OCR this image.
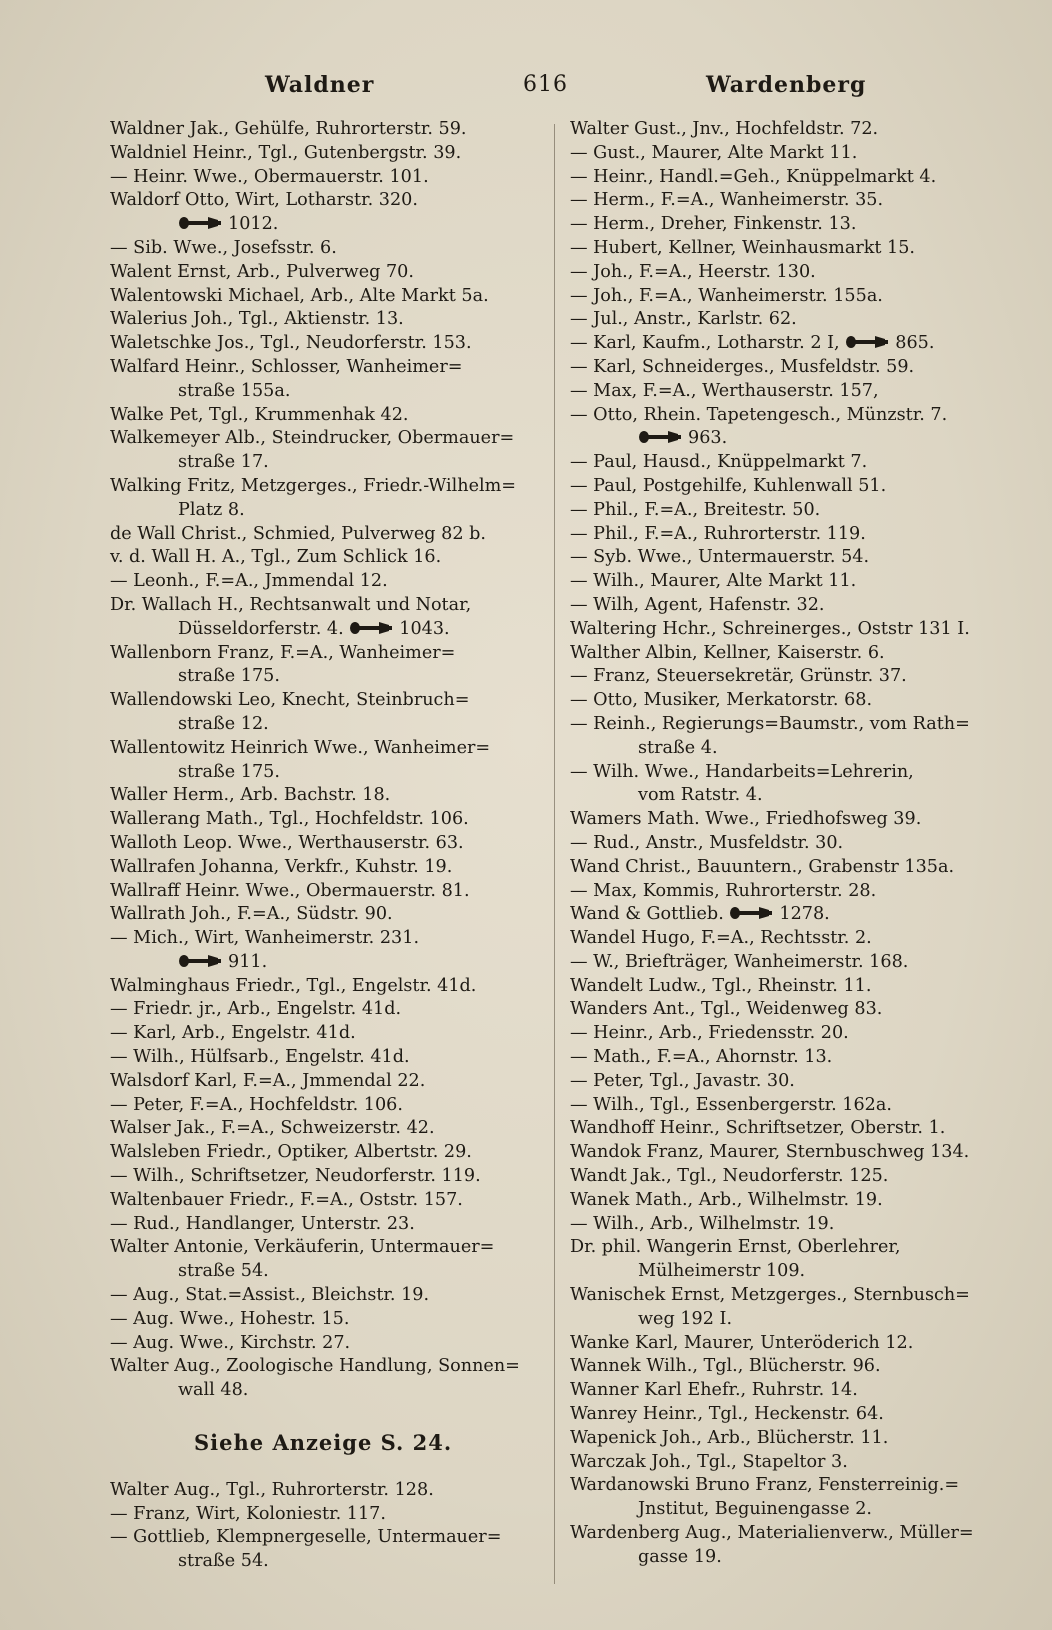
Waldner	616	Wardenberg
Waldner Jak., Gehülfe, Ruhrorterstr. 59.
Waldniel Heinr., Tgl., Gutenbergstr. 39.
— Heinr. Wwe., Obermauerstr. 101.
Waldorf Otto, Wirt, Lotharstr. 320.
1012.
— Sib. Wwe., Josefsstr. 6.
Walent Ernst, Arb., Pulverweg 70.
Walentowski Michael, Arb., Alte Markt 5a.
Walerius Joh., Tgl., Aktienstr. 13.
Waletschke Jos., Tgl., Neudorferstr. 153.
Walfard Heinr., Schlosser, Wanheimer=
straße 155a.
Walke Pet, Tgl., Krummenhak 42.
Walkemeyer Alb., Steindrucker, Obermauer=
straße 17.
Walking Fritz, Metzgerges., Friedr.-Wilhelm=
Platz 8.
de Wall Christ., Schmied, Pulverweg 82 b.
v. d. Wall H. A., Tgl., Zum Schlick 16.
— Leonh., F.=A., Jmmendal 12.
Dr. Wallach H., Rechtsanwalt und Notar,
Düsseldorferstr. 4.	1043.
Wallenborn Franz, F.=A., Wanheimer=
straße 175.
Wallendowski Leo, Knecht, Steinbruch=
straße 12.
Wallentowitz Heinrich Wwe., Wanheimer=
straße 175.
Waller Herm., Arb. Bachstr. 18.
Wallerang Math., Tgl., Hochfeldstr. 106.
Walloth Leop. Wwe., Werthauserstr. 63.
Wallrafen Johanna, Verkfr., Kuhstr. 19.
Wallraff Heinr. Wwe., Obermauerstr. 81.
Wallrath Joh., F.=A., Südstr. 90.
— Mich., Wirt, Wanheimerstr. 231.
911.
Walminghaus Friedr., Tgl., Engelstr. 41d.
— Friedr. jr., Arb., Engelstr. 41d.
— Karl, Arb., Engelstr. 41d.
— Wilh., Hülfsarb., Engelstr. 41d.
Walsdorf Karl, F.=A., Jmmendal 22.
— Peter, F.=A., Hochfeldstr. 106.
Walser Jak., F.=A., Schweizerstr. 42.
Walsleben Friedr., Optiker, Albertstr. 29.
— Wilh., Schriftsetzer, Neudorferstr. 119.
Waltenbauer Friedr., F.=A., Oststr. 157.
— Rud., Handlanger, Unterstr. 23.
Walter Antonie, Verkäuferin, Untermauer=
straße 54.
— Aug., Stat.=Assist., Bleichstr. 19.
— Aug. Wwe., Hohestr. 15.
— Aug. Wwe., Kirchstr. 27.
Walter Aug., Zoologische Handlung, Sonnen=
wall 48.
Siehe Anzeige S. 24.
Walter Aug., Tgl., Ruhrorterstr. 128.
— Franz, Wirt, Koloniestr. 117.
— Gottlieb, Klempnergeselle, Untermauer=
straße 54.
Walter Gust., Jnv., Hochfeldstr. 72.
— Gust., Maurer, Alte Markt 11.
— Heinr., Handl.=Geh., Knüppelmarkt 4.
— Herm., F.=A., Wanheimerstr. 35.
— Herm., Dreher, Finkenstr. 13.
— Hubert, Kellner, Weinhausmarkt 15.
— Joh., F.=A., Heerstr. 130.
— Joh., F.=A., Wanheimerstr. 155a.
— Jul., Anstr., Karlstr. 62.
— Karl, Kaufm., Lotharstr. 2 I,	865.
— Karl, Schneiderges., Musfeldstr. 59.
— Max, F.=A., Werthauserstr. 157,
— Otto, Rhein. Tapetengesch., Münzstr. 7.
963.
— Paul, Hausd., Knüppelmarkt 7.
— Paul, Postgehilfe, Kuhlenwall 51.
— Phil., F.=A., Breitestr. 50.
— Phil., F.=A., Ruhrorterstr. 119.
— Syb. Wwe., Untermauerstr. 54.
— Wilh., Maurer, Alte Markt 11.
— Wilh, Agent, Hafenstr. 32.
Waltering Hchr., Schreinerges., Oststr 131 I.
Walther Albin, Kellner, Kaiserstr. 6.
— Franz, Steuersekretär, Grünstr. 37.
— Otto, Musiker, Merkatorstr. 68.
— Reinh., Regierungs=Baumstr., vom Rath=
straße 4.
— Wilh. Wwe., Handarbeits=Lehrerin,
vom Ratstr. 4.
Wamers Math. Wwe., Friedhofsweg 39.
— Rud., Anstr., Musfeldstr. 30.
Wand Christ., Bauuntern., Grabenstr 135a.
— Max, Kommis, Ruhrorterstr. 28.
Wand & Gottlieb.	1278.
Wandel Hugo, F.=A., Rechtsstr. 2.
— W., Briefträger, Wanheimerstr. 168.
Wandelt Ludw., Tgl., Rheinstr. 11.
Wanders Ant., Tgl., Weidenweg 83.
— Heinr., Arb., Friedensstr. 20.
— Math., F.=A., Ahornstr. 13.
— Peter, Tgl., Javastr. 30.
— Wilh., Tgl., Essenbergerstr. 162a.
Wandhoff Heinr., Schriftsetzer, Oberstr. 1.
Wandok Franz, Maurer, Sternbuschweg 134.
Wandt Jak., Tgl., Neudorferstr. 125.
Wanek Math., Arb., Wilhelmstr. 19.
— Wilh., Arb., Wilhelmstr. 19.
Dr. phil. Wangerin Ernst, Oberlehrer,
Mülheimerstr 109.
Wanischek Ernst, Metzgerges., Sternbusch=
weg 192 I.
Wanke Karl, Maurer, Unteröderich 12.
Wannek Wilh., Tgl., Blücherstr. 96.
Wanner Karl Ehefr., Ruhrstr. 14.
Wanrey Heinr., Tgl., Heckenstr. 64.
Wapenick Joh., Arb., Blücherstr. 11.
Warczak Joh., Tgl., Stapeltor 3.
Wardanowski Bruno Franz, Fensterreinig.=
Jnstitut, Beguinengasse 2.
Wardenberg Aug., Materialienverw., Müller=
gasse 19.
